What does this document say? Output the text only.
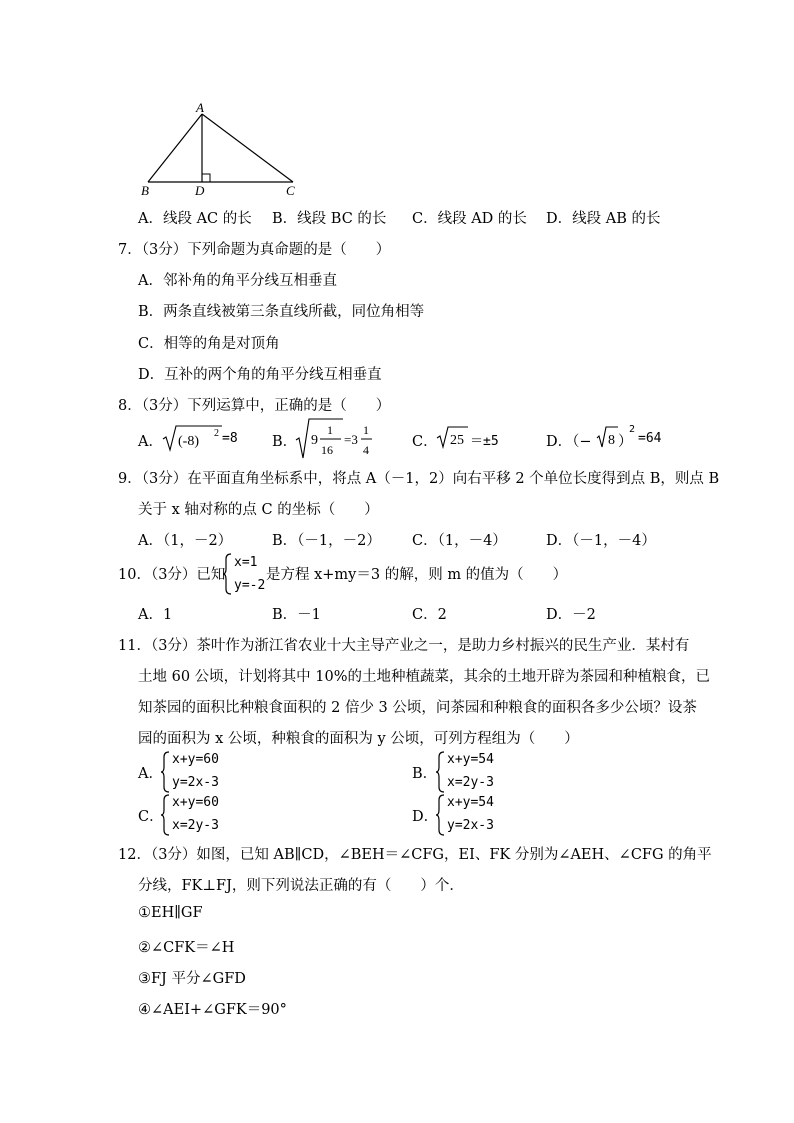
A
B	D	C
A．线段 AC 的长 B．线段 BC 的长 C．线段 AD 的长 D．线段 AB 的长
7．（3分）下列命题为真命题的是（　　）
A．邻补角的角平分线互相垂直
B．两条直线被第三条直线所截，同位角相等
C．相等的角是对顶角
D．互补的两个角的角平分线互相垂直
8．（3分）下列运算中，正确的是（　　）
A． (-8)
2 =8 B． 9
1
16
=3
1
4	C． 25 ＝±5	D．（− 8 ）
2
=64
9．（3分）在平面直角坐标系中，将点 A（－1，2）向右平移 2 个单位长度得到点 B，则点 B
关于 x 轴对称的点 C 的坐标（　　）
A．（1，－2）	B．（－1，－2） C．（1，－4）	D．（－1，－4）
10．（3分）已知
x=1
y=-2
是方程 x+my＝3 的解，则 m 的值为（　　）
A．1	B．－1	C．2	D．－2
11．（3分）茶叶作为浙江省农业十大主导产业之一，是助力乡村振兴的民生产业．某村有
土地 60 公顷，计划将其中 10%的土地种植蔬菜，其余的土地开辟为茶园和种植粮食，已
知茶园的面积比种粮食面积的 2 倍少 3 公顷，问茶园和种粮食的面积各多少公顷？设茶
园的面积为 x 公顷，种粮食的面积为 y 公顷，可列方程组为（　　）
A．
x+y=60
y=2x-3
B．
x+y=54
x=2y-3
C．
x+y=60
x=2y-3
D．
x+y=54
y=2x-3
12．（3分）如图，已知 AB∥CD，∠BEH＝∠CFG，EI、FK 分别为∠AEH、∠CFG 的角平
分线，FK⊥FJ，则下列说法正确的有（　　）个．
①EH∥GF
②∠CFK＝∠H
③FJ 平分∠GFD
④∠AEI+∠GFK＝90°
